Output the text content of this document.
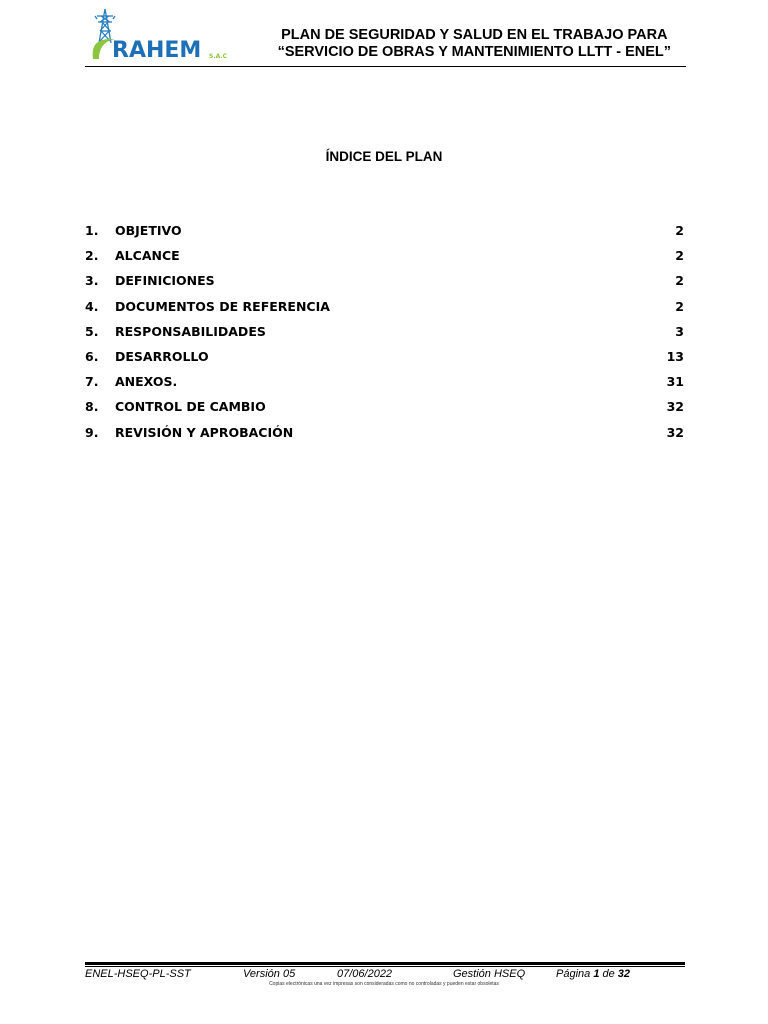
RAHEM S.A.C
PLAN DE SEGURIDAD Y SALUD EN EL TRABAJO PARA
“SERVICIO DE OBRAS Y MANTENIMIENTO LLTT - ENEL”
ÍNDICE DEL PLAN
1. OBJETIVO	2
2. ALCANCE	2
3. DEFINICIONES	2
4. DOCUMENTOS DE REFERENCIA	2
5. RESPONSABILIDADES	3
6. DESARROLLO	13
7. ANEXOS.	31
8. CONTROL DE CAMBIO	32
9. REVISIÓN Y APROBACIÓN	32
ENEL-HSEQ-PL-SST	Versión 05	07/06/2022	Gestión HSEQ	Página 1 de 32
Copias electrónicas una vez impresas son consideradas como no controladas y pueden estar obsoletas
